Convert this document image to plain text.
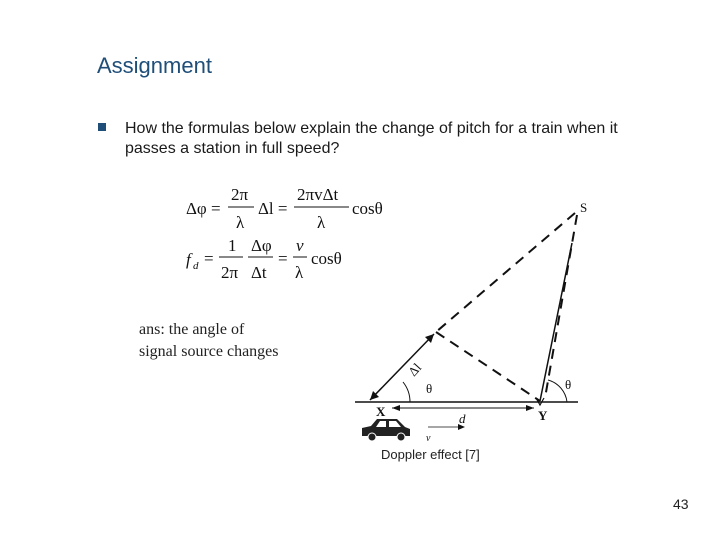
Assignment
How the formulas below explain the change of pitch for a train when it passes a station in full speed?
Δφ =
2π
λ
Δl =
2πvΔt
λ
cosθ
f d =
1
2π
Δφ
Δt
=
v
λ
cosθ
S
X	Y
d
θ	θ
v
Δl
ans: the angle of
signal source changes
Doppler effect [7]
43
